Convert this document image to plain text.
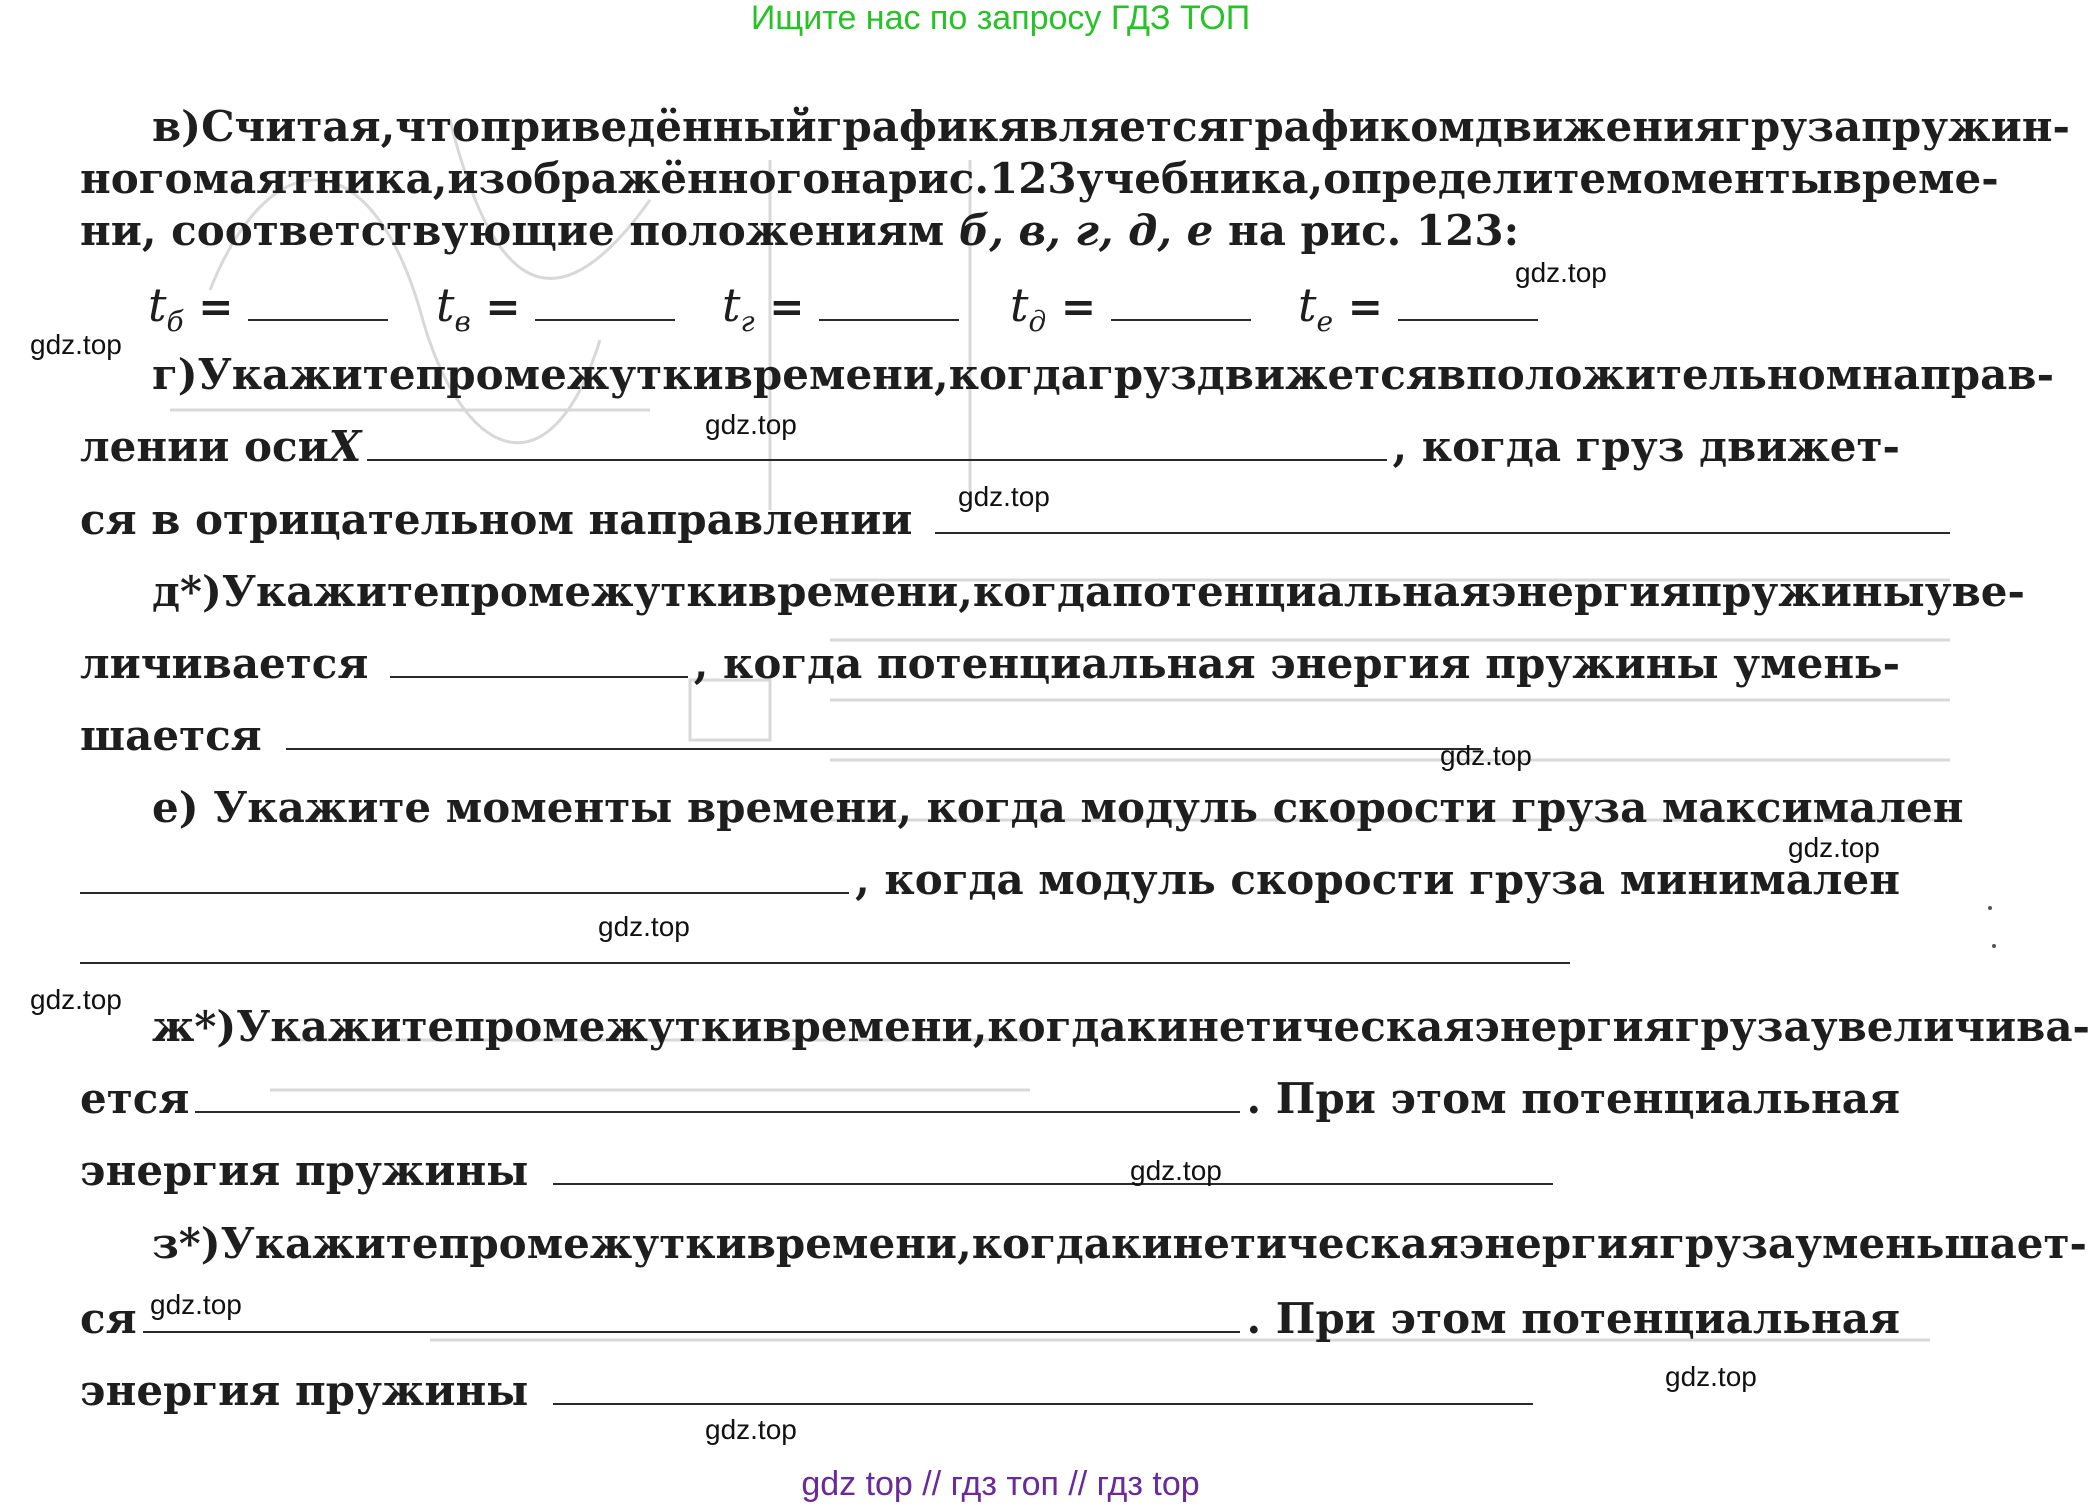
Ищите нас по запросу ГДЗ ТОП
в) Считая, что приведённый график является графиком движения груза пружин-
ного маятника, изображённого на рис. 123 учебника, определите моменты време-
ни, соответствующие положениям б, в, г, д, е на рис. 123:
$t_б$ =	$t_в$ =	$t_г$ =	$t_д$ =	$t_е$ =
г) Укажите промежутки времени, когда груз движется в положительном направ-
лении оси X	, когда груз движет-
ся в отрицательном направлении
д*) Укажите промежутки времени, когда потенциальная энергия пружины уве-
личивается	, когда потенциальная энергия пружины умень-
шается
е) Укажите моменты времени, когда модуль скорости груза максимален
, когда модуль скорости груза минимален
ж*) Укажите промежутки времени, когда кинетическая энергия груза увеличива-
ется	. При этом потенциальная
энергия пружины
з*) Укажите промежутки времени, когда кинетическая энергия груза уменьшает-
ся	. При этом потенциальная
энергия пружины
gdz.top
gdz.top
gdz.top
gdz.top
gdz.top
gdz.top
gdz.top
gdz.top
gdz.top
gdz.top
gdz.top
gdz.top
gdz top // гдз топ // гдз top
